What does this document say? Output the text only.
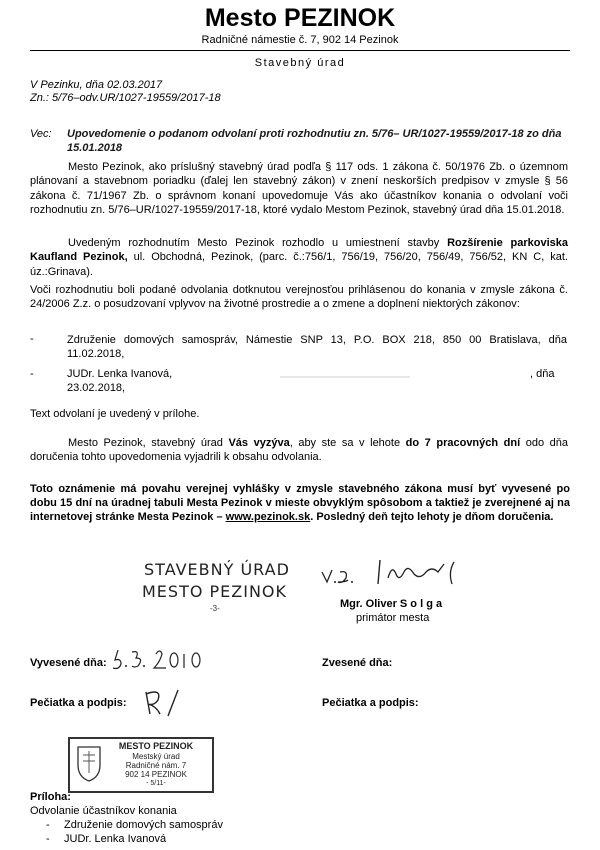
Mesto PEZINOK
Radničné námestie č. 7, 902 14 Pezinok
Stavebný úrad
V Pezinku, dňa 02.03.2017
Zn.: 5/76–odv.UR/1027-19559/2017-18
Vec: Upovedomenie o podanom odvolaní proti rozhodnutiu zn. 5/76– UR/1027-19559/2017-18 zo dňa 15.01.2018

Mesto Pezinok, ako príslušný stavebný úrad podľa § 117 ods. 1 zákona č. 50/1976 Zb. o územnom plánovaní a stavebnom poriadku (ďalej len stavebný zákon) v znení neskorších predpisov v zmysle § 56 zákona č. 71/1967 Zb. o správnom konaní upovedomuje Vás ako účastníkov konania o odvolaní voči rozhodnutiu zn. 5/76–UR/1027-19559/2017-18, ktoré vydalo Mestom Pezinok, stavebný úrad dňa 15.01.2018.

Uvedeným rozhodnutím Mesto Pezinok rozhodlo u umiestnení stavby Rozšírenie parkoviska Kaufland Pezinok, ul. Obchodná, Pezinok, (parc. č.:756/1, 756/19, 756/20, 756/49, 756/52, KN C, kat. úz.:Grinava).

Voči rozhodnutiu boli podané odvolania dotknutou verejnosťou prihlásenou do konania v zmysle zákona č. 24/2006 Z.z. o posudzovaní vplyvov na životné prostredie a o zmene a doplnení niektorých zákonov:

-	Združenie domových samospráv, Námestie SNP 13, P.O. BOX 218, 850 00 Bratislava, dňa 11.02.2018,
-	JUDr. Lenka Ivanová,	, dňa
23.02.2018,
Text odvolaní je uvedený v prílohe.

Mesto Pezinok, stavebný úrad Vás vyzýva, aby ste sa v lehote do 7 pracovných dní odo dňa doručenia tohto upovedomenia vyjadrili k obsahu odvolania.

Toto oznámenie má povahu verejnej vyhlášky v zmysle stavebného zákona musí byť vyvesené po dobu 15 dní na úradnej tabuli Mesta Pezinok v mieste obvyklým spôsobom a taktiež je zverejnené aj na internetovej stránke Mesta Pezinok – www.pezinok.sk. Posledný deň tejto lehoty je dňom doručenia.
STAVEBNÝ ÚRAD
MESTO PEZINOK
-3-	Mgr. Oliver S o l g a
primátor mesta
Vyvesené dňa:	Zvesené dňa:
Pečiatka a podpis:	Pečiatka a podpis:
MESTO PEZINOK
Mestský úrad
Radničné nám. 7
902 14 PEZINOK
- 5/11-
Príloha:
Odvolanie účastníkov konania
- Združenie domových samospráv
- JUDr. Lenka Ivanová
